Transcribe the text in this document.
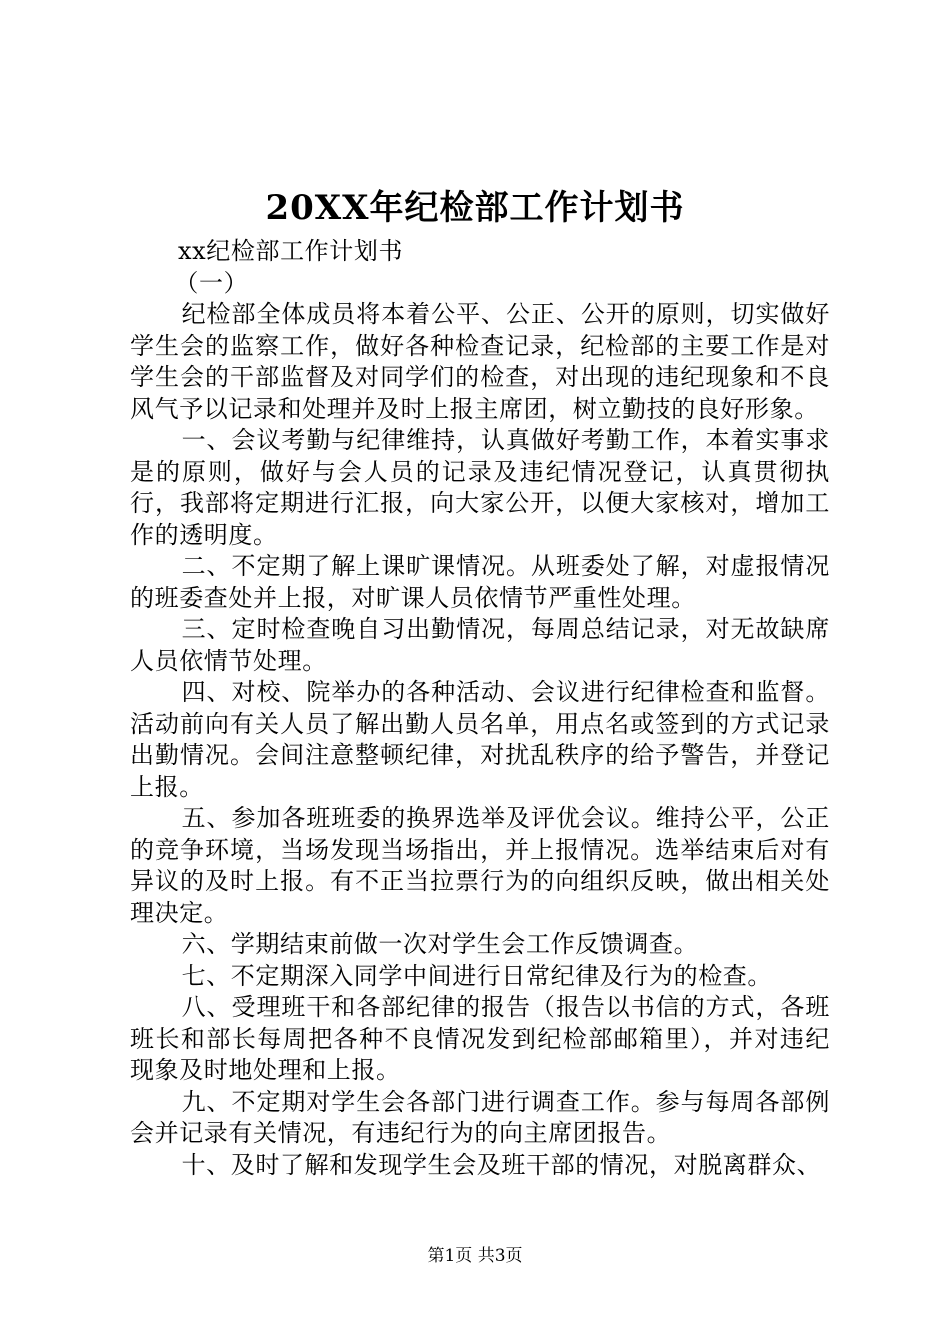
20XX年纪检部工作计划书

xx纪检部工作计划书

（一）

纪检部全体成员将本着公平、公正、公开的原则，切实做好学生会的监察工作，做好各种检查记录，纪检部的主要工作是对学生会的干部监督及对同学们的检查，对出现的违纪现象和不良风气予以记录和处理并及时上报主席团，树立勤技的良好形象。

一、会议考勤与纪律维持，认真做好考勤工作，本着实事求是的原则，做好与会人员的记录及违纪情况登记，认真贯彻执行，我部将定期进行汇报，向大家公开，以便大家核对，增加工作的透明度。

二、不定期了解上课旷课情况。从班委处了解，对虚报情况的班委查处并上报，对旷课人员依情节严重性处理。

三、定时检查晚自习出勤情况，每周总结记录，对无故缺席人员依情节处理。

四、对校、院举办的各种活动、会议进行纪律检查和监督。活动前向有关人员了解出勤人员名单，用点名或签到的方式记录出勤情况。会间注意整顿纪律，对扰乱秩序的给予警告，并登记上报。

五、参加各班班委的换界选举及评优会议。维持公平，公正的竞争环境，当场发现当场指出，并上报情况。选举结束后对有异议的及时上报。有不正当拉票行为的向组织反映，做出相关处理决定。

六、学期结束前做一次对学生会工作反馈调查。

七、不定期深入同学中间进行日常纪律及行为的检查。

八、受理班干和各部纪律的报告（报告以书信的方式，各班班长和部长每周把各种不良情况发到纪检部邮箱里），并对违纪现象及时地处理和上报。

九、不定期对学生会各部门进行调查工作。参与每周各部例会并记录有关情况，有违纪行为的向主席团报告。

十、及时了解和发现学生会及班干部的情况，对脱离群众、

第1页 共3页
